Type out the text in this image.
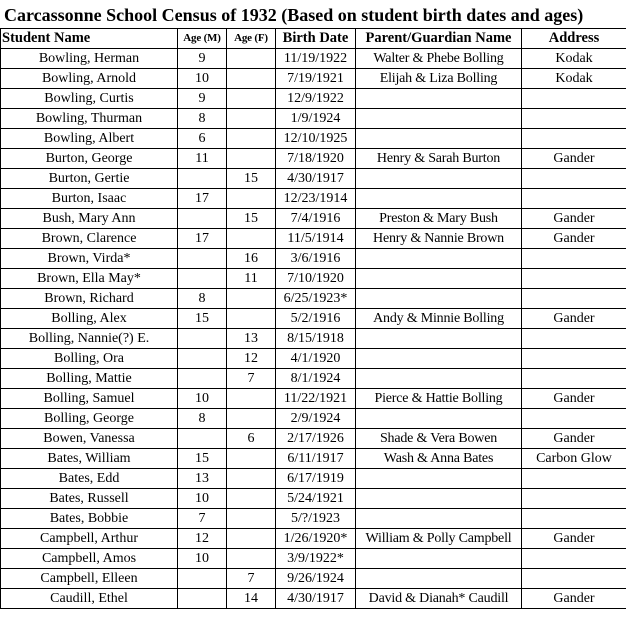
Carcassonne School Census of 1932 (Based on student birth dates and ages)
Student Name	Age (M)	Age (F)	Birth Date	Parent/Guardian Name	Address
Bowling, Herman	9		11/19/1922	Walter & Phebe Bolling	Kodak
Bowling, Arnold	10		7/19/1921	Elijah & Liza Bolling	Kodak
Bowling, Curtis	9		12/9/1922		
Bowling, Thurman	8		1/9/1924		
Bowling, Albert	6		12/10/1925		
Burton, George	11		7/18/1920	Henry & Sarah Burton	Gander
Burton, Gertie		15	4/30/1917		
Burton, Isaac	17		12/23/1914		
Bush, Mary Ann		15	7/4/1916	Preston & Mary Bush	Gander
Brown, Clarence	17		11/5/1914	Henry & Nannie Brown	Gander
Brown, Virda*		16	3/6/1916		
Brown, Ella May*		11	7/10/1920		
Brown, Richard	8		6/25/1923*		
Bolling, Alex	15		5/2/1916	Andy & Minnie Bolling	Gander
Bolling, Nannie(?) E.		13	8/15/1918		
Bolling, Ora		12	4/1/1920		
Bolling, Mattie		7	8/1/1924		
Bolling, Samuel	10		11/22/1921	Pierce & Hattie Bolling	Gander
Bolling, George	8		2/9/1924		
Bowen, Vanessa		6	2/17/1926	Shade & Vera Bowen	Gander
Bates, William	15		6/11/1917	Wash & Anna Bates	Carbon Glow
Bates, Edd	13		6/17/1919		
Bates, Russell	10		5/24/1921		
Bates, Bobbie	7		5/?/1923		
Campbell, Arthur	12		1/26/1920*	William & Polly Campbell	Gander
Campbell, Amos	10		3/9/1922*		
Campbell, Elleen		7	9/26/1924		
Caudill, Ethel		14	4/30/1917	David & Dianah* Caudill	Gander
